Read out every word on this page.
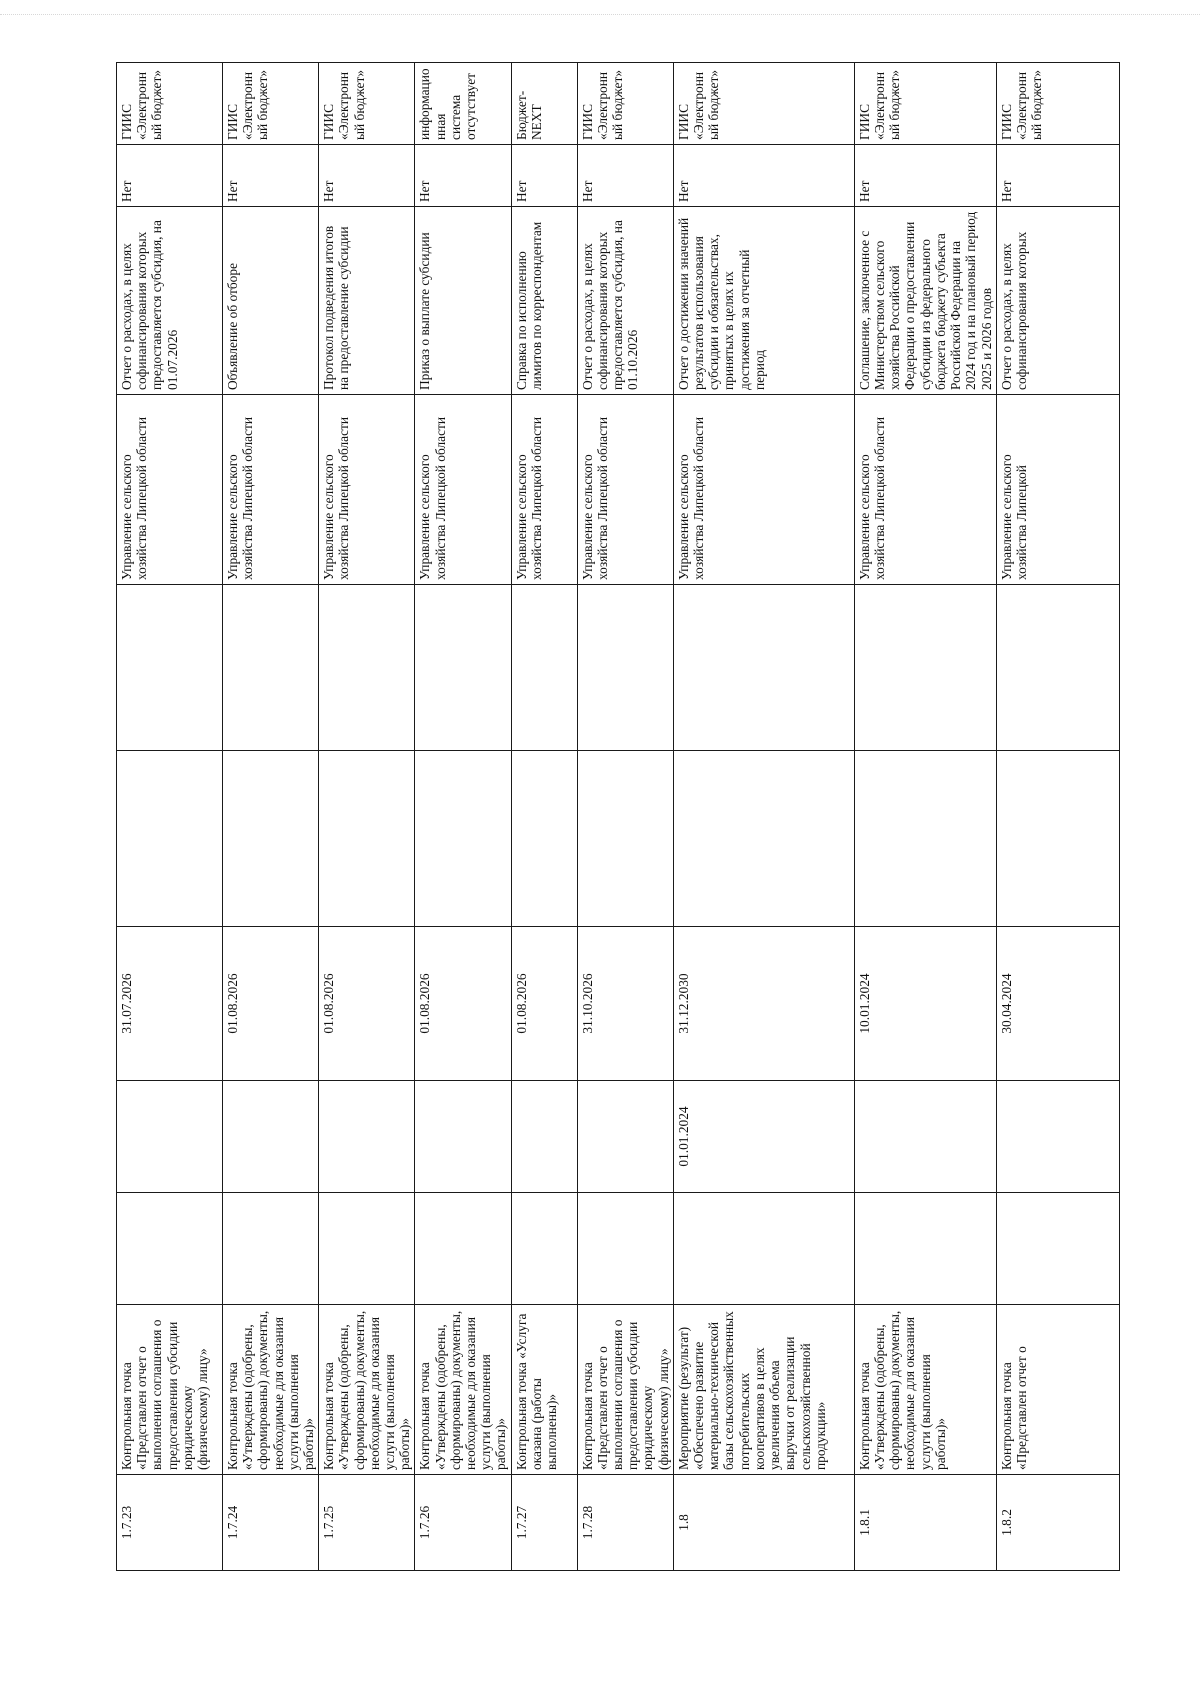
1.7.23	Контрольная точка «Представлен отчет о выполнении соглашения о предоставлении субсидии юридическому (физическому) лицу»			31.07.2026			Управление сельского хозяйства Липецкой области	Отчет о расходах, в целях софинансирования которых предоставляется субсидия, на 01.07.2026	Нет	ГИИС «Электронный бюджет»
1.7.24	Контрольная точка «Утверждены (одобрены, сформированы) документы, необходимые для оказания услуги (выполнения работы)»			01.08.2026			Управление сельского хозяйства Липецкой области	Объявление об отборе	Нет	ГИИС «Электронный бюджет»
1.7.25	Контрольная точка «Утверждены (одобрены, сформированы) документы, необходимые для оказания услуги (выполнения работы)»			01.08.2026			Управление сельского хозяйства Липецкой области	Протокол подведения итогов на предоставление субсидии	Нет	ГИИС «Электронный бюджет»
1.7.26	Контрольная точка «Утверждены (одобрены, сформированы) документы, необходимые для оказания услуги (выполнения работы)»			01.08.2026			Управление сельского хозяйства Липецкой области	Приказ о выплате субсидии	Нет	информационная система отсутствует
1.7.27	Контрольная точка «Услуга оказана (работы выполнены)»			01.08.2026			Управление сельского хозяйства Липецкой области	Справка по исполнению лимитов по корреспондентам	Нет	Бюджет-NEXT
1.7.28	Контрольная точка «Представлен отчет о выполнении соглашения о предоставлении субсидии юридическому (физическому) лицу»			31.10.2026			Управление сельского хозяйства Липецкой области	Отчет о расходах, в целях софинансирования которых предоставляется субсидия, на 01.10.2026	Нет	ГИИС «Электронный бюджет»
1.8	Мероприятие (результат) «Обеспечено развитие материально-технической базы сельскохозяйственных потребительских кооперативов в целях увеличения объема выручки от реализации сельскохозяйственной продукции»		01.01.2024	31.12.2030			Управление сельского хозяйства Липецкой области	Отчет о достижении значений результатов использования субсидии и обязательствах, принятых в целях их достижения за отчетный период	Нет	ГИИС «Электронный бюджет»
1.8.1	Контрольная точка «Утверждены (одобрены, сформированы) документы, необходимые для оказания услуги (выполнения работы)»			10.01.2024			Управление сельского хозяйства Липецкой области	Соглашение, заключенное с Министерством сельского хозяйства Российской Федерации о предоставлении субсидии из федерального бюджета бюджету субъекта Российской Федерации на 2024 год и на плановый период 2025 и 2026 годов	Нет	ГИИС «Электронный бюджет»
1.8.2	Контрольная точка «Представлен отчет о			30.04.2024			Управление сельского хозяйства Липецкой	Отчет о расходах, в целях софинансирования которых	Нет	ГИИС «Электронный бюджет»
